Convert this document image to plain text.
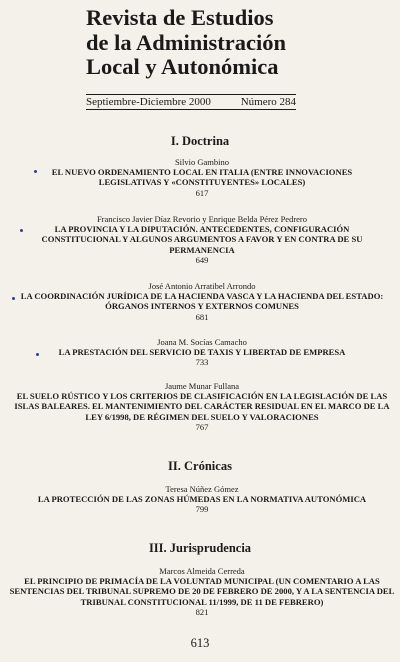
Revista de Estudios
de la Administración
Local y Autonómica
Septiembre-Diciembre 2000	Número 284
I. Doctrina
Silvio Gambino
EL NUEVO ORDENAMIENTO LOCAL EN ITALIA (ENTRE INNOVACIONES LEGISLATIVAS Y «CONSTITUYENTES» LOCALES)
617
Francisco Javier Díaz Revorio y Enrique Belda Pérez Pedrero
LA PROVINCIA Y LA DIPUTACIÓN. ANTECEDENTES, CONFIGURACIÓN CONSTITUCIONAL Y ALGUNOS ARGUMENTOS A FAVOR Y EN CONTRA DE SU PERMANENCIA
649
José Antonio Arratibel Arrondo
LA COORDINACIÓN JURÍDICA DE LA HACIENDA VASCA Y LA HACIENDA DEL ESTADO: ÓRGANOS INTERNOS Y EXTERNOS COMUNES
681
Joana M. Socías Camacho
LA PRESTACIÓN DEL SERVICIO DE TAXIS Y LIBERTAD DE EMPRESA
733
Jaume Munar Fullana
EL SUELO RÚSTICO Y LOS CRITERIOS DE CLASIFICACIÓN EN LA LEGISLACIÓN DE LAS ISLAS BALEARES. EL MANTENIMIENTO DEL CARÁCTER RESIDUAL EN EL MARCO DE LA LEY 6/1998, DE RÉGIMEN DEL SUELO Y VALORACIONES
767
II. Crónicas
Teresa Núñez Gómez
LA PROTECCIÓN DE LAS ZONAS HÚMEDAS EN LA NORMATIVA AUTONÓMICA
799
III. Jurisprudencia
Marcos Almeida Cerreda
EL PRINCIPIO DE PRIMACÍA DE LA VOLUNTAD MUNICIPAL (UN COMENTARIO A LAS SENTENCIAS DEL TRIBUNAL SUPREMO DE 20 DE FEBRERO DE 2000, Y A LA SENTENCIA DEL TRIBUNAL CONSTITUCIONAL 11/1999, DE 11 DE FEBRERO)
821
613
